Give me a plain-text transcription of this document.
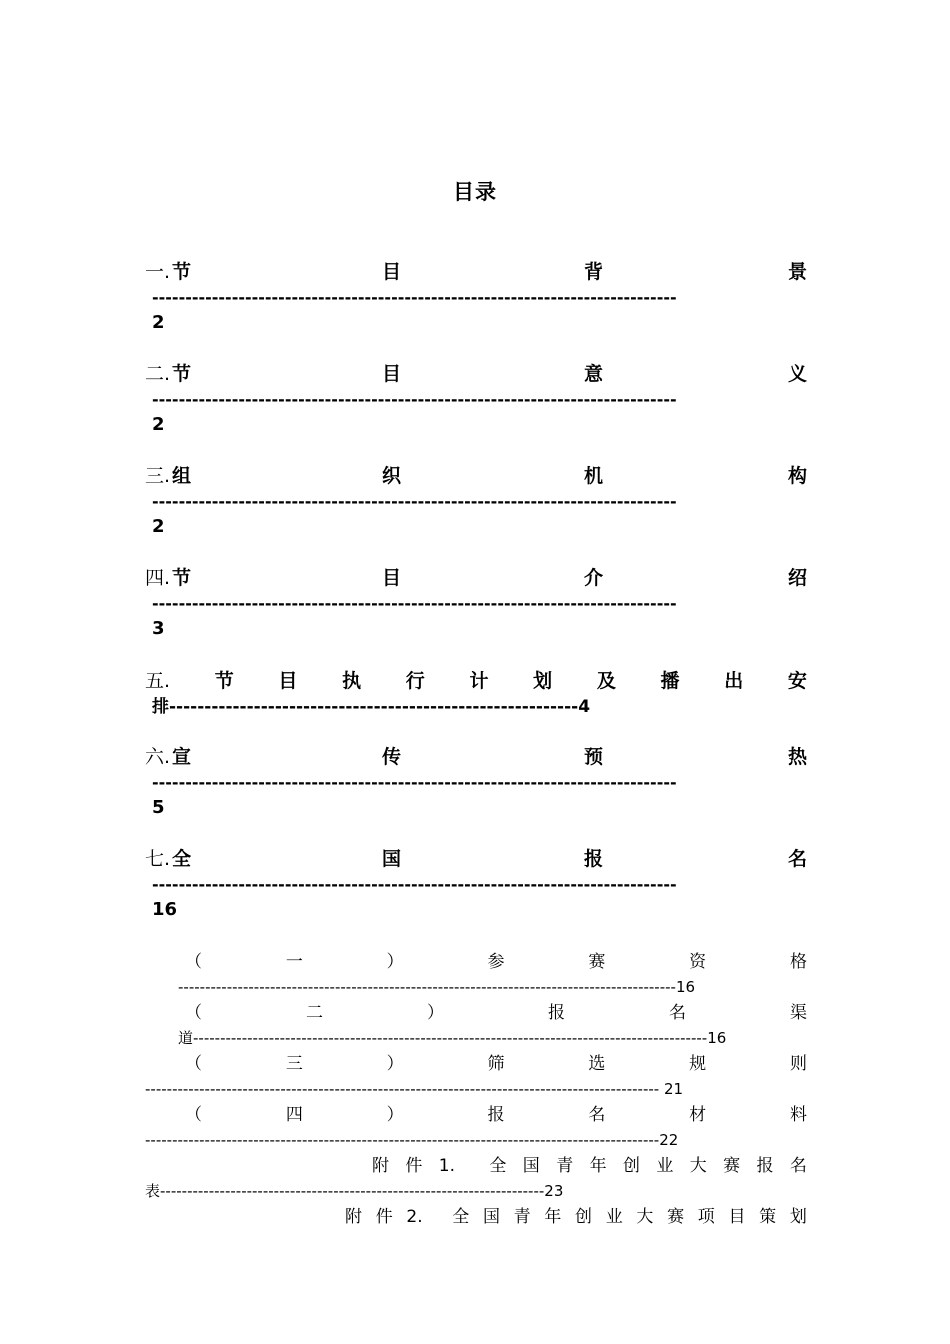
目录
一. 节	目	背	景
-------------------------------------------------------------------------------
2
二. 节	目	意	义
-------------------------------------------------------------------------------
2
三. 组	织	机	构
-------------------------------------------------------------------------------
2
四. 节	目	介	绍
-------------------------------------------------------------------------------
3
五. 节 目 执 行 计 划 及 播 出 安
排----------------------------------------------------------4
六. 宣	传	预	热
-------------------------------------------------------------------------------
5
七. 全	国	报	名
-------------------------------------------------------------------------------
16
（	一	）	参	赛	资	格
--------------------------------------------------------------------------------------------16
（	二	）	报	名	渠
道-----------------------------------------------------------------------------------------------16
（	三	）	筛	选	规	则
----------------------------------------------------------------------------------------------- 21
（	四	）	报	名	材	料
-----------------------------------------------------------------------------------------------22
附 件 1. 全 国 青 年 创 业 大 赛 报 名
表-----------------------------------------------------------------------23
附 件 2. 全 国 青 年 创 业 大 赛 项 目 策 划
